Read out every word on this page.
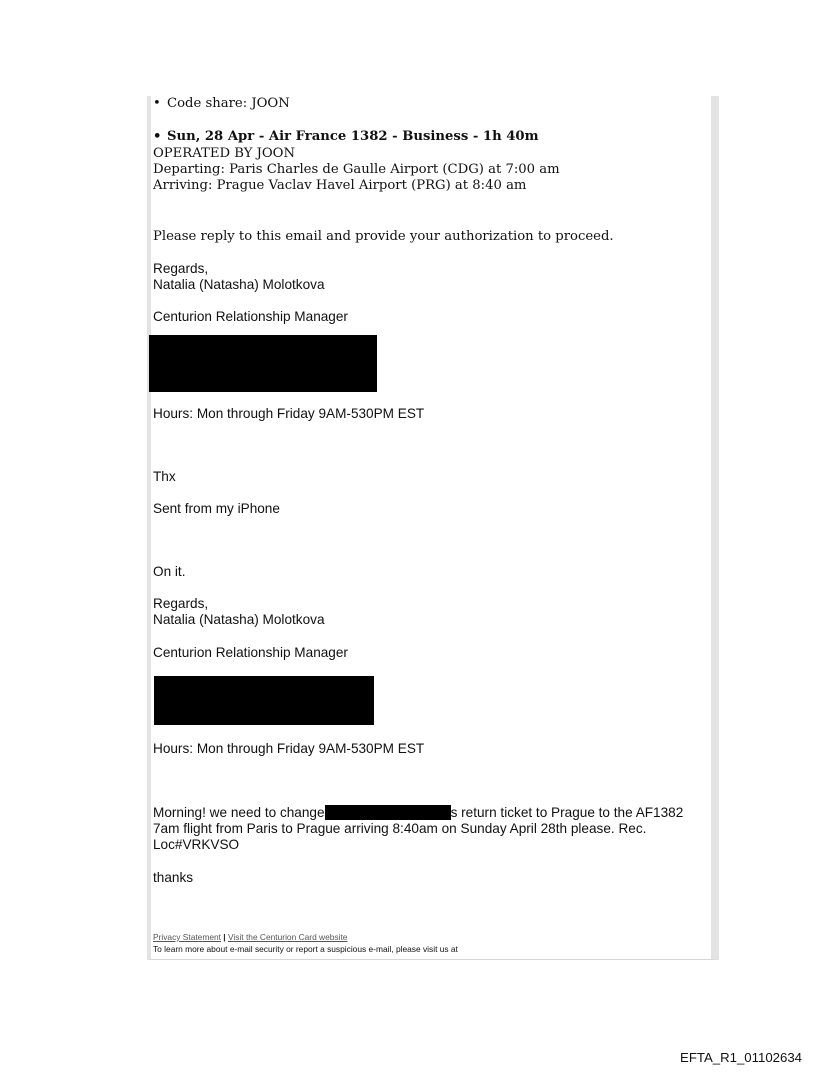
• Code share: JOON
• Sun, 28 Apr - Air France 1382 - Business - 1h 40m
OPERATED BY JOON
Departing: Paris Charles de Gaulle Airport (CDG) at 7:00 am
Arriving: Prague Vaclav Havel Airport (PRG) at 8:40 am
Please reply to this email and provide your authorization to proceed.
Regards,
Natalia (Natasha) Molotkova
Centurion Relationship Manager
Hours: Mon through Friday 9AM-530PM EST
Thx
Sent from my iPhone
On it.
Regards,
Natalia (Natasha) Molotkova
Centurion Relationship Manager
Hours: Mon through Friday 9AM-530PM EST
Morning! we need to change	s return ticket to Prague to the AF1382
7am flight from Paris to Prague arriving 8:40am on Sunday April 28th please. Rec.
Loc#VRKVSO
thanks
Privacy Statement | Visit the Centurion Card website
To learn more about e-mail security or report a suspicious e-mail, please visit us at
EFTA_R1_01102634
